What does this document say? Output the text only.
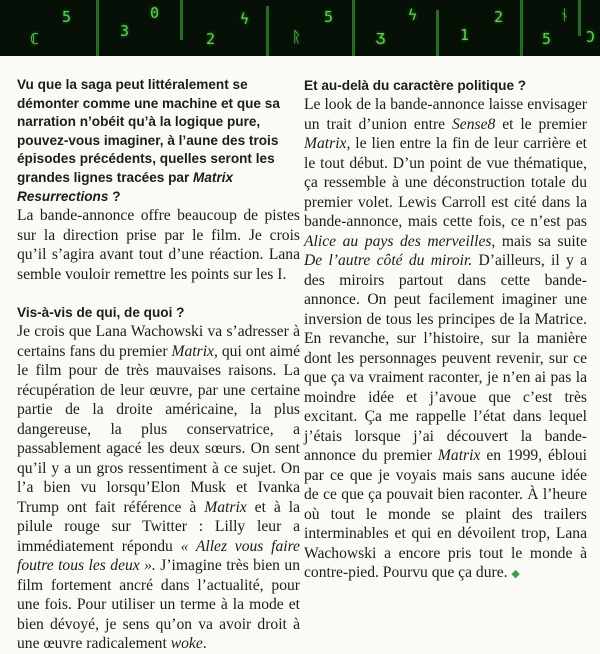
ℂ
5
3
0
2
ϟ
ᚱ
5
Ʒ
ϟ
1
2
5
ᚾ
Ɔ

Vu que la saga peut littéralement se démonter comme une machine et que sa narration n’obéit qu’à la logique pure, pouvez-vous imaginer, à l’aune des trois épisodes précédents, quelles seront les grandes lignes tracées par Matrix Resurrections ?

La bande-annonce offre beaucoup de pistes sur la direction prise par le film. Je crois qu’il s’agira avant tout d’une réaction. Lana semble vouloir remettre les points sur les I.

Vis-à-vis de qui, de quoi ?

Je crois que Lana Wachowski va s’adresser à certains fans du premier Matrix, qui ont aimé le film pour de très mauvaises raisons. La récupération de leur œuvre, par une certaine partie de la droite américaine, la plus dangereuse, la plus conservatrice, a passablement agacé les deux sœurs. On sent qu’il y a un gros ressentiment à ce sujet. On l’a bien vu lorsqu’Elon Musk et Ivanka Trump ont fait référence à Matrix et à la pilule rouge sur Twitter : Lilly leur a immédiatement répondu « Allez vous faire foutre tous les deux ». J’imagine très bien un film fortement ancré dans l’actualité, pour une fois. Pour utiliser un terme à la mode et bien dévoyé, je sens qu’on va avoir droit à une œuvre radicalement woke.

Et au-delà du caractère politique ?

Le look de la bande-annonce laisse envisager un trait d’union entre Sense8 et le premier Matrix, le lien entre la fin de leur carrière et le tout début. D’un point de vue thématique, ça ressemble à une déconstruction totale du premier volet. Lewis Carroll est cité dans la bande-annonce, mais cette fois, ce n’est pas Alice au pays des merveilles, mais sa suite De l’autre côté du miroir. D’ailleurs, il y a des miroirs partout dans cette bande-annonce. On peut facilement imaginer une inversion de tous les principes de la Matrice. En revanche, sur l’histoire, sur la manière dont les personnages peuvent revenir, sur ce que ça va vraiment raconter, je n’en ai pas la moindre idée et j’avoue que c’est très excitant. Ça me rappelle l’état dans lequel j’étais lorsque j’ai découvert la bande-annonce du premier Matrix en 1999, ébloui par ce que je voyais mais sans aucune idée de ce que ça pouvait bien raconter. À l’heure où tout le monde se plaint des trailers interminables et qui en dévoilent trop, Lana Wachowski a encore pris tout le monde à contre-pied. Pourvu que ça dure. ◆
